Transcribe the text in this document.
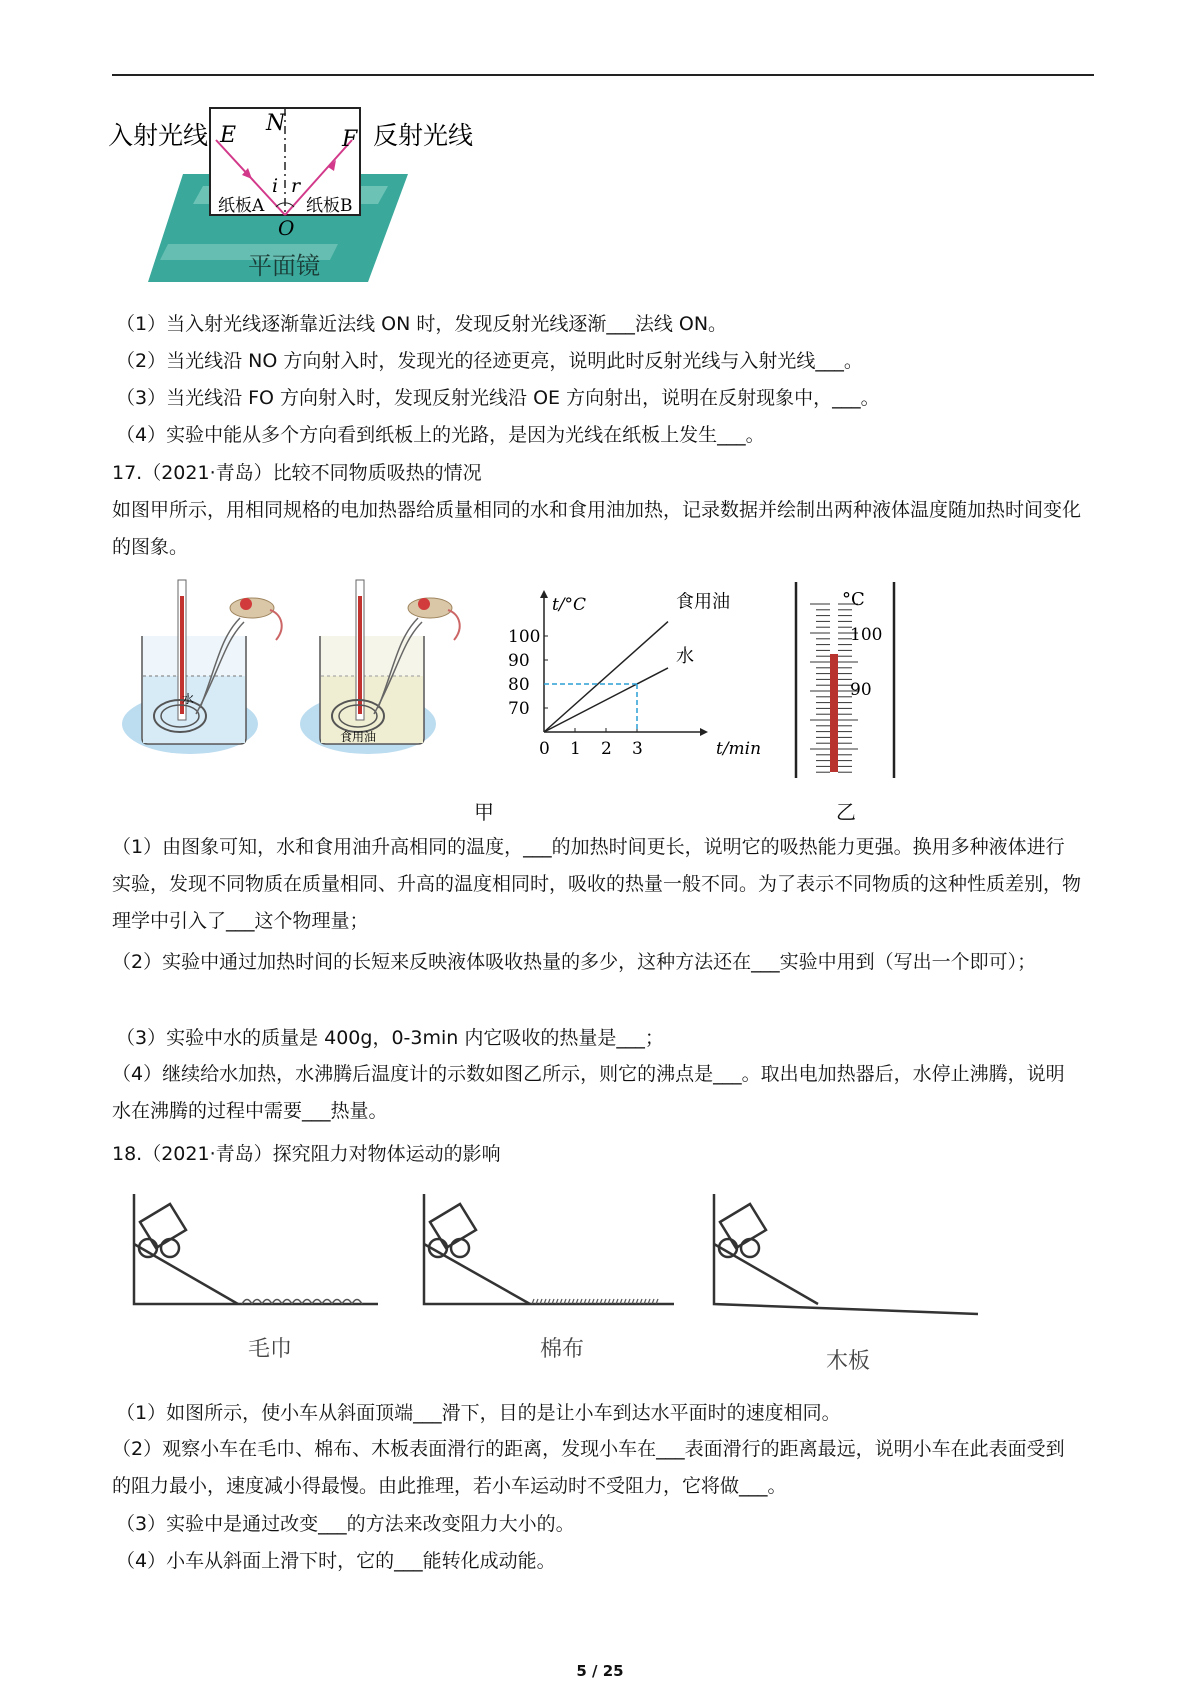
入射光线	反射光线
E N
F
i r
纸板A 纸板B
O
平面镜
（1）当入射光线逐渐靠近法线 ON 时，发现反射光线逐渐___法线 ON。
（2）当光线沿 NO 方向射入时，发现光的径迹更亮，说明此时反射光线与入射光线___。
（3）当光线沿 FO 方向射入时，发现反射光线沿 OE 方向射出，说明在反射现象中，___。
（4）实验中能从多个方向看到纸板上的光路，是因为光线在纸板上发生___。
17.（2021·青岛）比较不同物质吸热的情况
如图甲所示，用相同规格的电加热器给质量相同的水和食用油加热，记录数据并绘制出两种液体温度随加热时间变化的图象。
水
食用油
0 1 2 3
70
80
90
100
t/min
t/°C	食用油
水
甲
°C
100
90
乙
（1）由图象可知，水和食用油升高相同的温度，___的加热时间更长，说明它的吸热能力更强。换用多种液体进行实验，发现不同物质在质量相同、升高的温度相同时，吸收的热量一般不同。为了表示不同物质的这种性质差别，物理学中引入了___这个物理量；
（2）实验中通过加热时间的长短来反映液体吸收热量的多少，这种方法还在___实验中用到（写出一个即可）；
（3）实验中水的质量是 400g，0-3min 内它吸收的热量是___；
（4）继续给水加热，水沸腾后温度计的示数如图乙所示，则它的沸点是___。取出电加热器后，水停止沸腾，说明水在沸腾的过程中需要___热量。
18.（2021·青岛）探究阻力对物体运动的影响
毛巾	棉布	木板
（1）如图所示，使小车从斜面顶端___滑下，目的是让小车到达水平面时的速度相同。
（2）观察小车在毛巾、棉布、木板表面滑行的距离，发现小车在___表面滑行的距离最远，说明小车在此表面受到的阻力最小，速度减小得最慢。由此推理，若小车运动时不受阻力，它将做___。
（3）实验中是通过改变___的方法来改变阻力大小的。
（4）小车从斜面上滑下时，它的___能转化成动能。
5 / 25
